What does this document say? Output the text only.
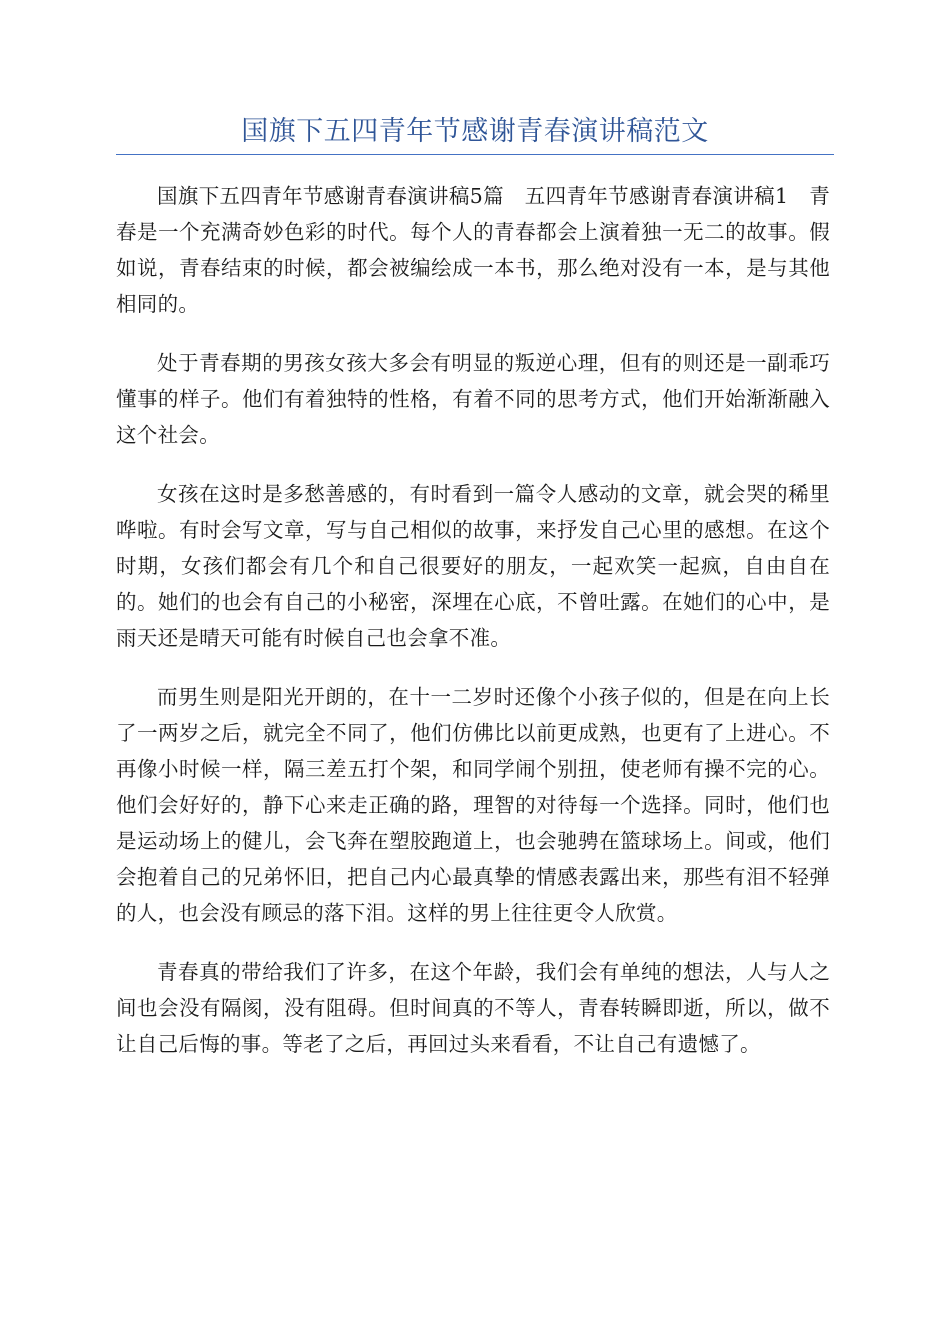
国旗下五四青年节感谢青春演讲稿范文

国旗下五四青年节感谢青春演讲稿5篇　五四青年节感谢青春演讲稿1　青春是一个充满奇妙色彩的时代。每个人的青春都会上演着独一无二的故事。假如说，青春结束的时候，都会被编绘成一本书，那么绝对没有一本，是与其他相同的。

处于青春期的男孩女孩大多会有明显的叛逆心理，但有的则还是一副乖巧懂事的样子。他们有着独特的性格，有着不同的思考方式，他们开始渐渐融入这个社会。

女孩在这时是多愁善感的，有时看到一篇令人感动的文章，就会哭的稀里哗啦。有时会写文章，写与自己相似的故事，来抒发自己心里的感想。在这个时期，女孩们都会有几个和自己很要好的朋友，一起欢笑一起疯，自由自在的。她们的也会有自己的小秘密，深埋在心底，不曾吐露。在她们的心中，是雨天还是晴天可能有时候自己也会拿不准。

而男生则是阳光开朗的，在十一二岁时还像个小孩子似的，但是在向上长了一两岁之后，就完全不同了，他们仿佛比以前更成熟，也更有了上进心。不再像小时候一样，隔三差五打个架，和同学闹个别扭，使老师有操不完的心。他们会好好的，静下心来走正确的路，理智的对待每一个选择。同时，他们也是运动场上的健儿，会飞奔在塑胶跑道上，也会驰骋在篮球场上。间或，他们会抱着自己的兄弟怀旧，把自己内心最真挚的情感表露出来，那些有泪不轻弹的人，也会没有顾忌的落下泪。这样的男上往往更令人欣赏。

青春真的带给我们了许多，在这个年龄，我们会有单纯的想法，人与人之间也会没有隔阂，没有阻碍。但时间真的不等人，青春转瞬即逝，所以，做不让自己后悔的事。等老了之后，再回过头来看看，不让自己有遗憾了。
